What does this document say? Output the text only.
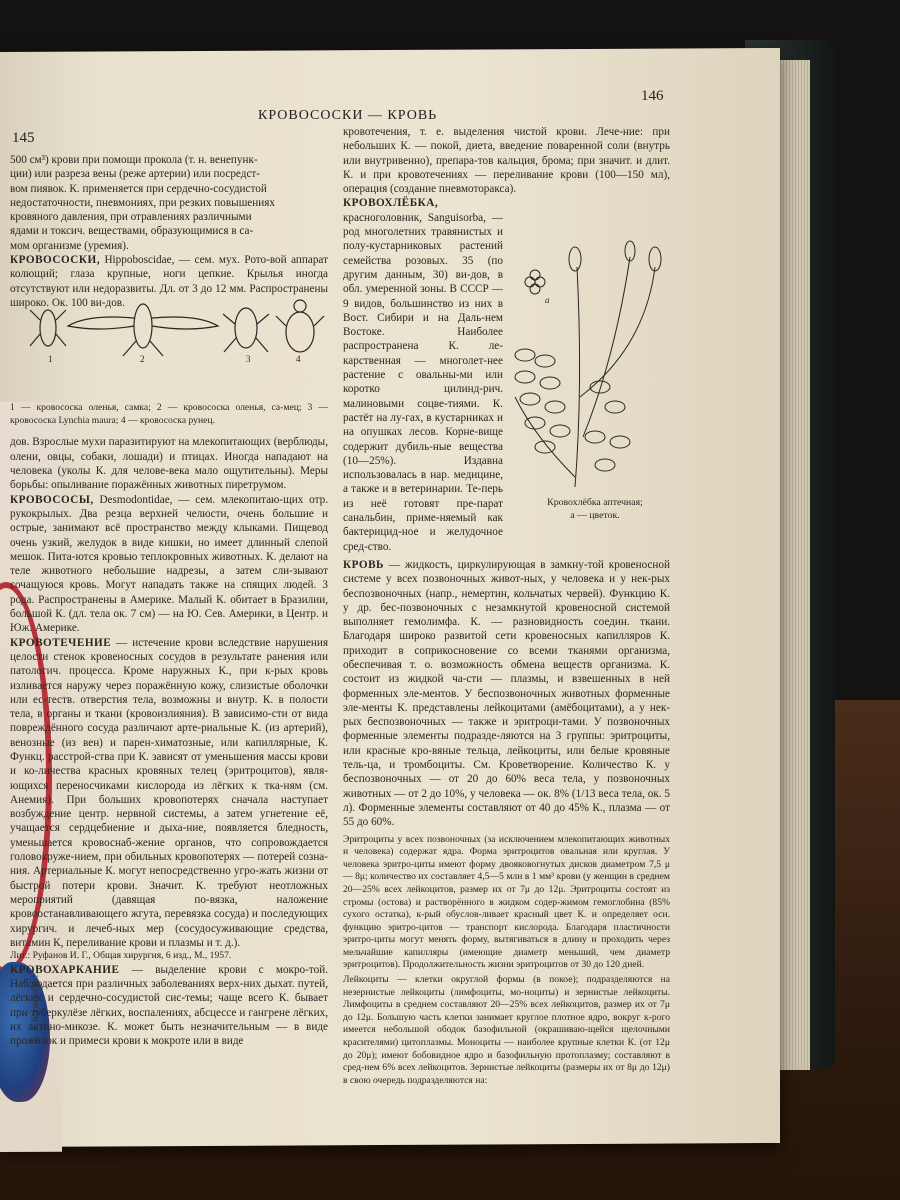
Б. т. Кровообр…
КРОВОСОСКИ — КРОВЬ
145
146

500 см³) крови при помощи прокола (т. н. венепунк-

ции) или разреза вены (реже артерии) или посредст-

вом пиявок. К. применяется при сердечно-сосудистой

недостаточности, пневмониях, при резких повышениях

кровяного давления, при отравлениях различными

ядами и токсич. веществами, образующимися в са-

мом организме (уремия).

КРОВОСОСКИ, Hippoboscidae, — сем. мух. Рото-вой аппарат колющий; глаза крупные, ноги цепкие. Крылья иногда отсутствуют или недоразвиты. Дл. от 3 до 12 мм. Распространены широко. Ок. 100 ви-дов.

1 — кровососка оленья, самка; 2 — кровососка оленья, са-мец; 3 — кровососка Lynchia maura; 4 — кровососка рунец.

дов. Взрослые мухи паразитируют на млекопитающих (верблюды, олени, овцы, собаки, лошади) и птицах. Иногда нападают на человека (уколы К. для челове-века мало ощутительны). Меры борьбы: опыливание поражённых животных пиретрумом.

КРОВОСОСЫ, Desmodontidae, — сем. млекопитаю-щих отр. рукокрылых. Два резца верхней челюсти, очень большие и острые, занимают всё пространство между клыками. Пищевод очень узкий, желудок в виде кишки, но имеет длинный слепой мешок. Пита-ются кровью теплокровных животных. К. делают на теле животного небольшие надрезы, а затем сли-зывают сочащуюся кровь. Могут нападать также на спящих людей. 3 рода. Распространены в Америке. Малый К. обитает в Бразилии, большой К. (дл. тела ок. 7 см) — на Ю. Сев. Америки, в Центр. и Юж. Америке.

КРОВОТЕЧЕНИЕ — истечение крови вследствие нарушения целости стенок кровеносных сосудов в результате ранения или патологич. процесса. Кроме наружных К., при к-рых кровь изливается наружу через поражённую кожу, слизистые оболочки или ес-теств. отверстия тела, возможны и внутр. К. в полости тела, в органы и ткани (кровоизлияния). В зависимо-сти от вида повреждённого сосуда различают арте-риальные К. (из артерий), венозные (из вен) и парен-химатозные, или капиллярные, К. Функц. расстрой-ства при К. зависят от уменьшения массы крови и ко-личества красных кровяных телец (эритроцитов), явля-ющихся переносчиками кислорода из лёгких к тка-ням (см. Анемия). При больших кровопотерях сначала наступает возбуждение центр. нервной системы, а затем угнетение её, учащается сердцебиение и дыха-ние, появляется бледность, уменьшается кровоснаб-жение органов, что сопровождается головокруже-нием, при обильных кровопотерях — потерей созна-ния. Артериальные К. могут непосредственно угро-жать жизни от быстрой потери крови. Значит. К. требуют неотложных мероприятий (давящая по-вязка, наложение кровоостанавливающего жгута, перевязка сосуда) и последующих хирургич. и лечеб-ных мер (сосудосуживающие средства, витамин К, переливание крови и плазмы и т. д.).

Лит.: Руфанов И. Г., Общая хирургия, 6 изд., М., 1957.

КРОВОХАРКАНИЕ — выделение крови с мокро-той. Наблюдается при различных заболеваниях верх-них дыхат. путей, лёгких и сердечно-сосудистой сис-темы; чаще всего К. бывает при туберкулёзе лёгких, воспалениях, абсцессе и гангрене лёгких, их актино-микозе. К. может быть незначительным — в виде прожилок и примеси крови к мокроте или в виде

1	2	3	4

кровотечения, т. е. выделения чистой крови. Лече-ние: при небольших К. — покой, диета, введение поваренной соли (внутрь или внутривенно), препара-тов кальция, брома; при значит. и длит. К. и при кровотечениях — переливание крови (100—150 мл), операция (создание пневмоторакса).

КРОВОХЛЁБКА, красноголовник, Sanguisorba, — род многолетних травянистых и полу-кустарниковых растений семейства розовых. 35 (по другим данным, 30) ви-дов, в обл. умеренной зоны. В СССР — 9 видов, большинство из них в Вост. Сибири и на Даль-нем Востоке. Наиболее распространена К. ле-карственная — многолет-нее растение с овальны-ми или коротко цилинд-рич. малиновыми соцве-тиями. К. растёт на лу-гах, в кустарниках и на опушках лесов. Корне-вище содержит дубиль-ные вещества (10—25%). Издавна использовалась в нар. медицине, а также и в ветеринарии. Те-перь из неё готовят пре-парат санальбин, приме-няемый как бактерицид-ное и желудочное сред-ство.

КРОВЬ — жидкость, циркулирующая в замкну-той кровеносной системе у всех позвоночных живот-ных, у человека и у нек-рых беспозвоночных (напр., немертин, кольчатых червей). Функцию К. у др. бес-позвоночных с незамкнутой кровеносной системой выполняет гемолимфа. К. — разновидность соедин. ткани. Благодаря широко развитой сети кровеносных капилляров К. приходит в соприкосновение со всеми тканями организма, обеспечивая т. о. возможность обмена веществ организма. К. состоит из жидкой ча-сти — плазмы, и взвешенных в ней форменных эле-ментов. У беспозвоночных животных форменные эле-менты К. представлены лейкоцитами (амёбоцитами), а у нек-рых беспозвоночных — также и эритроци-тами. У позвоночных форменные элементы подразде-ляются на 3 группы: эритроциты, или красные кро-вяные тельца, лейкоциты, или белые кровяные тель-ца, и тромбоциты. См. Кроветворение. Количество К. у беспозвоночных — от 20 до 60% веса тела, у позвоночных животных — от 2 до 10%, у человека — ок. 8% (1/13 веса тела, ок. 5 л). Форменные элементы составляют от 40 до 45% К., плазма — от 55 до 60%.

Эритроциты у всех позвоночных (за исключением млекопитающих животных и человека) содержат ядра. Форма эритроцитов овальная или круглая. У человека эритро-циты имеют форму двояковогнутых дисков диаметром 7,5 μ — 8μ; количество их составляет 4,5—5 млн в 1 мм³ крови (у женщин в среднем 20—25% всех лейкоцитов, размер их от 7μ до 12μ. Эритроциты состоят из стромы (остова) и растворённого в жидком содер-жимом гемоглобина (85% сухого остатка), к-рый обуслов-ливает красный цвет К. и определяет осн. функцию эритро-цитов — транспорт кислорода. Благодаря пластичности эритро-циты могут менять форму, вытягиваться в длину и проходить через мельчайшие капилляры (имеющие диаметр меньший, чем диаметр эритроцитов). Продолжительность жизни эритроцитов от 30 до 120 дней.

Лейкоциты — клетки округлой формы (в покое); подразделяются на незернистые лейкоциты (лимфоциты, мо-ноциты) и зернистые лейкоциты. Лимфоциты в среднем составляют 20—25% всех лейкоцитов, размер их от 7μ до 12μ. Большую часть клетки занимает круглое плотное ядро, вокруг к-рого имеется небольшой ободок базофильной (окрашиваю-щейся щелочными красителями) цитоплазмы. Моноциты — наиболее крупные клетки К. (от 12μ до 20μ); имеют бобовидное ядро и базофильную протоплазму; составляют в сред-нем 6% всех лейкоцитов. Зернистые лейкоциты (размеры их от 8μ до 12μ) в свою очередь подразделяются на:

а
Кровохлёбка аптечная;
а — цветок.
